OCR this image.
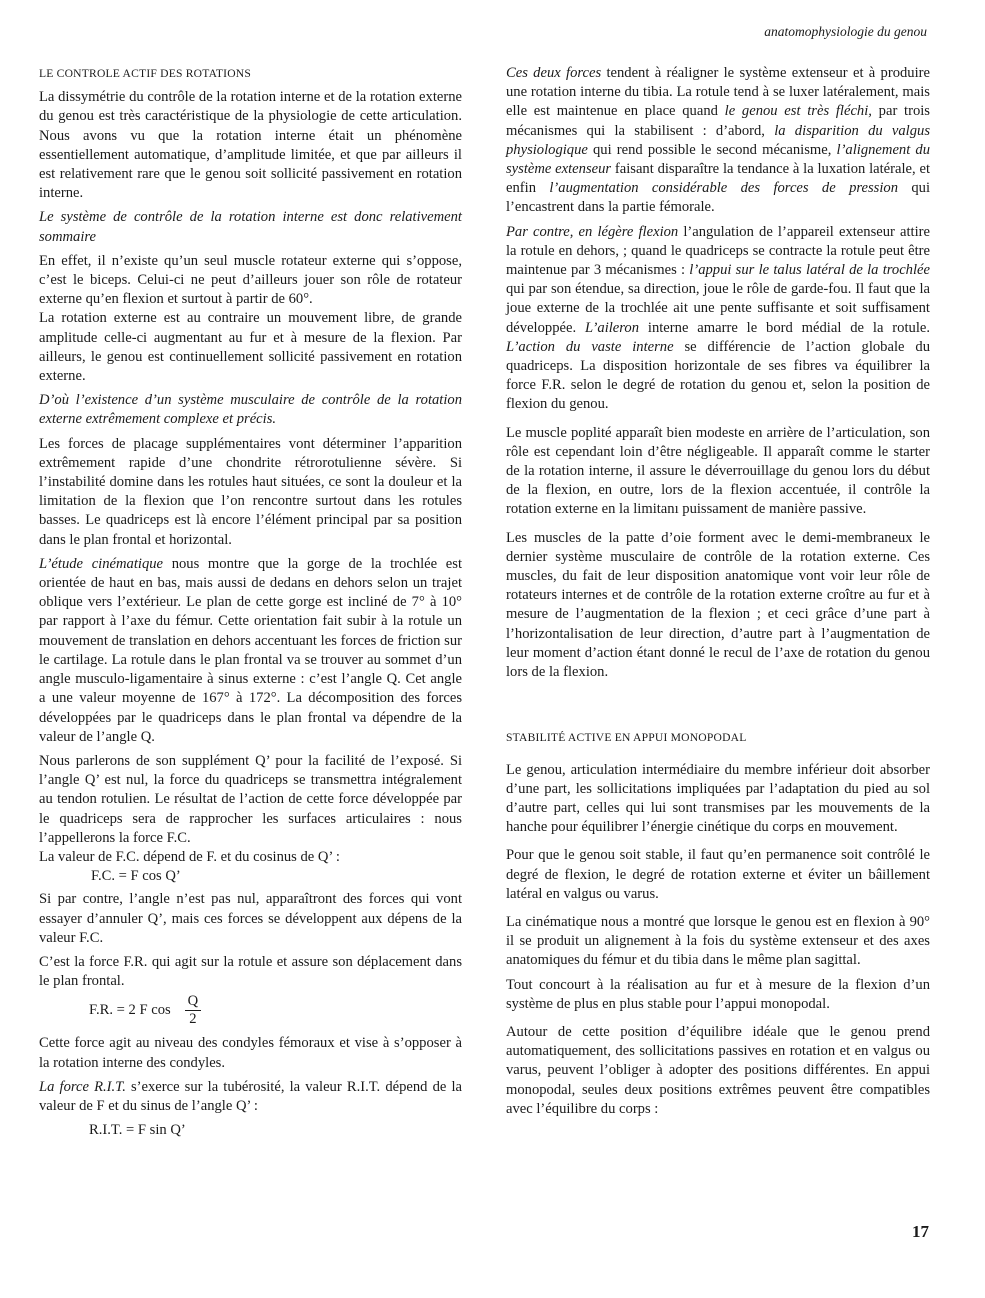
anatomophysiologie du genou
LE CONTROLE ACTIF DES ROTATIONS

La dissymétrie du contrôle de la rotation interne et de la rotation externe du genou est très caractéristique de la physiologie de cette articulation. Nous avons vu que la rotation interne était un phénomène essentiellement automatique, d’amplitude limitée, et que par ailleurs il est relativement rare que le genou soit sollicité passivement en rotation interne.

Le système de contrôle de la rotation interne est donc relativement sommaire

En effet, il n’existe qu’un seul muscle rotateur externe qui s’oppose, c’est le biceps. Celui-ci ne peut d’ailleurs jouer son rôle de rotateur externe qu’en flexion et surtout à partir de 60°.

La rotation externe est au contraire un mouvement libre, de grande amplitude celle-ci augmentant au fur et à mesure de la flexion. Par ailleurs, le genou est continuellement sollicité passivement en rotation externe.

D’où l’existence d’un système musculaire de contrôle de la rotation externe extrêmement complexe et précis.

Les forces de placage supplémentaires vont déterminer l’apparition extrêmement rapide d’une chondrite rétrorotulienne sévère. Si l’instabilité domine dans les rotules haut situées, ce sont la douleur et la limitation de la flexion que l’on rencontre surtout dans les rotules basses. Le quadriceps est là encore l’élément principal par sa position dans le plan frontal et horizontal.

L’étude cinématique nous montre que la gorge de la trochlée est orientée de haut en bas, mais aussi de dedans en dehors selon un trajet oblique vers l’extérieur. Le plan de cette gorge est incliné de 7° à 10° par rapport à l’axe du fémur. Cette orientation fait subir à la rotule un mouvement de translation en dehors accentuant les forces de friction sur le cartilage. La rotule dans le plan frontal va se trouver au sommet d’un angle musculo-ligamentaire à sinus externe : c’est l’angle Q. Cet angle a une valeur moyenne de 167° à 172°. La décomposition des forces développées par le quadriceps dans le plan frontal va dépendre de la valeur de l’angle Q.

Nous parlerons de son supplément Q’ pour la facilité de l’exposé. Si l’angle Q’ est nul, la force du quadriceps se transmettra intégralement au tendon rotulien. Le résultat de l’action de cette force développée par le quadriceps sera de rapprocher les surfaces articulaires : nous l’appellerons la force F.C.

La valeur de F.C. dépend de F. et du cosinus de Q’ :

F.C. = F cos Q’

Si par contre, l’angle n’est pas nul, apparaîtront des forces qui vont essayer d’annuler Q’, mais ces forces se développent aux dépens de la valeur F.C.

C’est la force F.R. qui agit sur la rotule et assure son déplacement dans le plan frontal.

F.R. = 2 F $\cos \frac{Q}{2}$

Cette force agit au niveau des condyles fémoraux et vise à s’opposer à la rotation interne des condyles.

La force R.I.T. s’exerce sur la tubérosité, la valeur R.I.T. dépend de la valeur de F et du sinus de l’angle Q’ :

R.I.T. = F sin Q’

Ces deux forces tendent à réaligner le système extenseur et à produire une rotation interne du tibia. La rotule tend à se luxer latéralement, mais elle est maintenue en place quand le genou est très fléchi, par trois mécanismes qui la stabilisent : d’abord, la disparition du valgus physiologique qui rend possible le second mécanisme, l’alignement du système extenseur faisant disparaître la tendance à la luxation latérale, et enfin l’augmentation considérable des forces de pression qui l’encastrent dans la partie fémorale.

Par contre, en légère flexion l’angulation de l’appareil extenseur attire la rotule en dehors, ; quand le quadriceps se contracte la rotule peut être maintenue par 3 mécanismes : l’appui sur le talus latéral de la trochlée qui par son étendue, sa direction, joue le rôle de garde-fou. Il faut que la joue externe de la trochlée ait une pente suffisante et soit suffisament développée. L’aileron interne amarre le bord médial de la rotule. L’action du vaste interne se différencie de l’action globale du quadriceps. La disposition horizontale de ses fibres va équilibrer la force F.R. selon le degré de rotation du genou et, selon la position de flexion du genou.

Le muscle poplité apparaît bien modeste en arrière de l’articulation, son rôle est cependant loin d’être négligeable. Il apparaît comme le starter de la rotation interne, il assure le déverrouillage du genou lors du début de la flexion, en outre, lors de la flexion accentuée, il contrôle la rotation externe en la limitanı puissament de manière passive.

Les muscles de la patte d’oie forment avec le demi-membraneux le dernier système musculaire de contrôle de la rotation externe. Ces muscles, du fait de leur disposition anatomique vont voir leur rôle de rotateurs internes et de contrôle de la rotation externe croître au fur et à mesure de l’augmentation de la flexion ; et ceci grâce d’une part à l’horizontalisation de leur direction, d’autre part à l’augmentation de leur moment d’action étant donné le recul de l’axe de rotation du genou lors de la flexion.

STABILITÉ ACTIVE EN APPUI MONOPODAL

Le genou, articulation intermédiaire du membre inférieur doit absorber d’une part, les sollicitations impliquées par l’adaptation du pied au sol d’autre part, celles qui lui sont transmises par les mouvements de la hanche pour équilibrer l’énergie cinétique du corps en mouvement.

Pour que le genou soit stable, il faut qu’en permanence soit contrôlé le degré de flexion, le degré de rotation externe et éviter un bâillement latéral en valgus ou varus.

La cinématique nous a montré que lorsque le genou est en flexion à 90° il se produit un alignement à la fois du système extenseur et des axes anatomiques du fémur et du tibia dans le même plan sagittal.

Tout concourt à la réalisation au fur et à mesure de la flexion d’un système de plus en plus stable pour l’appui monopodal.

Autour de cette position d’équilibre idéale que le genou prend automatiquement, des sollicitations passives en rotation et en valgus ou varus, peuvent l’obliger à adopter des positions différentes. En appui monopodal, seules deux positions extrêmes peuvent être compatibles avec l’équilibre du corps :

17
